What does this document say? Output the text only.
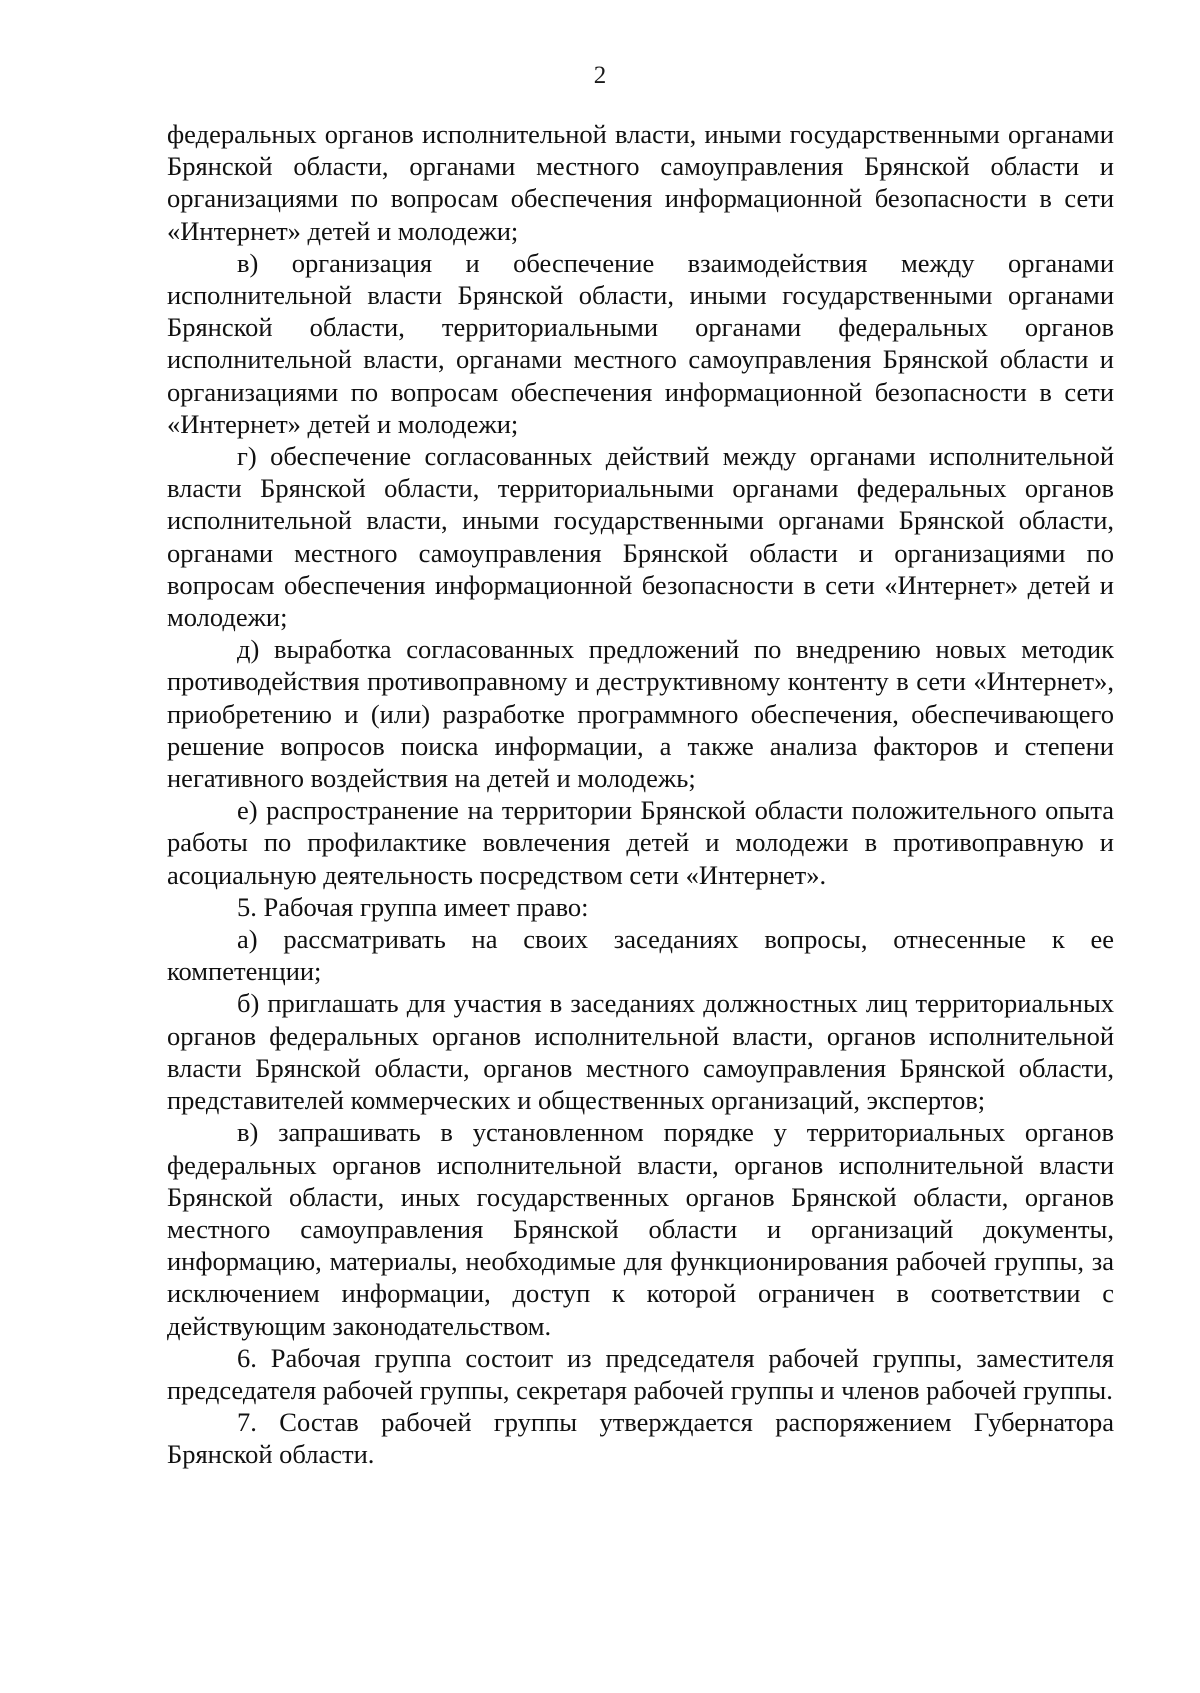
2

федеральных органов исполнительной власти, иными государственными органами Брянской области, органами местного самоуправления Брянской области и организациями по вопросам обеспечения информационной безопасности в сети «Интернет» детей и молодежи;

в) организация и обеспечение взаимодействия между органами исполнительной власти Брянской области, иными государственными органами Брянской области, территориальными органами федеральных органов исполнительной власти, органами местного самоуправления Брянской области и организациями по вопросам обеспечения информационной безопасности в сети «Интернет» детей и молодежи;

г) обеспечение согласованных действий между органами исполнительной власти Брянской области, территориальными органами федеральных органов исполнительной власти, иными государственными органами Брянской области, органами местного самоуправления Брянской области и организациями по вопросам обеспечения информационной безопасности в сети «Интернет» детей и молодежи;

д) выработка согласованных предложений по внедрению новых методик противодействия противоправному и деструктивному контенту в сети «Интернет», приобретению и (или) разработке программного обеспечения, обеспечивающего решение вопросов поиска информации, а также анализа факторов и степени негативного воздействия на детей и молодежь;

е) распространение на территории Брянской области положительного опыта работы по профилактике вовлечения детей и молодежи в противоправную и асоциальную деятельность посредством сети «Интернет».

5. Рабочая группа имеет право:

а) рассматривать на своих заседаниях вопросы, отнесенные к ее компетенции;

б) приглашать для участия в заседаниях должностных лиц территориальных органов федеральных органов исполнительной власти, органов исполнительной власти Брянской области, органов местного самоуправления Брянской области, представителей коммерческих и общественных организаций, экспертов;

в) запрашивать в установленном порядке у территориальных органов федеральных органов исполнительной власти, органов исполнительной власти Брянской области, иных государственных органов Брянской области, органов местного самоуправления Брянской области и организаций документы, информацию, материалы, необходимые для функционирования рабочей группы, за исключением информации, доступ к которой ограничен в соответствии с действующим законодательством.

6. Рабочая группа состоит из председателя рабочей группы, заместителя председателя рабочей группы, секретаря рабочей группы и членов рабочей группы.

7. Состав рабочей группы утверждается распоряжением Губернатора Брянской области.
